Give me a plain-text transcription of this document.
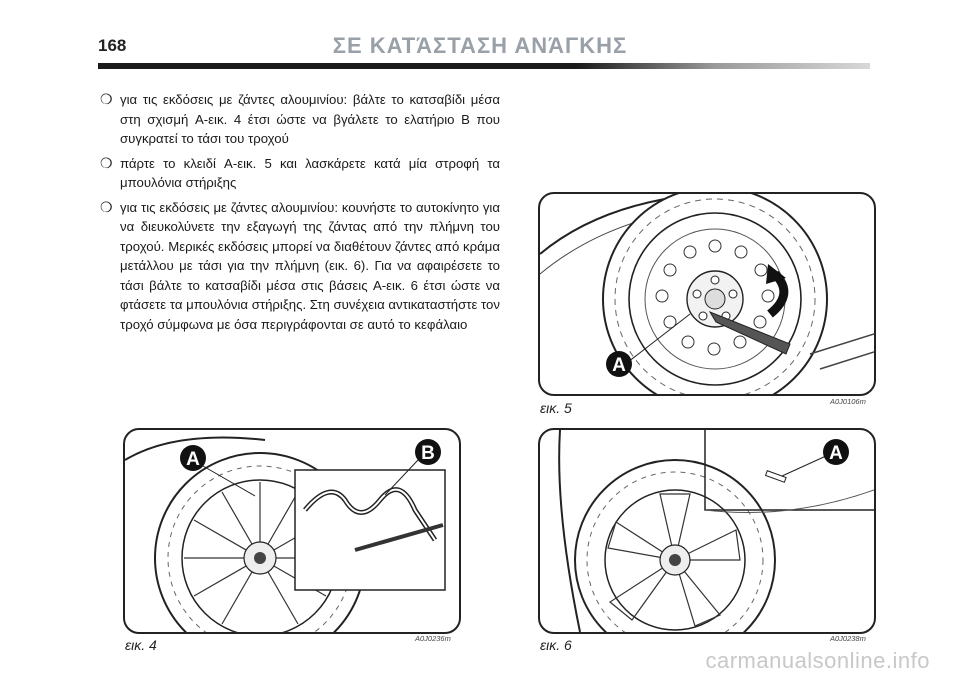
168	ΣΕ ΚΑΤΆΣΤΑΣΗ ΑΝΆΓΚΗΣ
❍ για τις εκδόσεις με ζάντες αλουμινίου: βάλτε το κατσαβίδι μέσα στη σχισμή A-εικ. 4 έτσι ώστε να βγάλετε το ελατήριο B που συγκρατεί το τάσι του τροχού
❍ πάρτε το κλειδί A-εικ. 5 και λασκάρετε κατά μία στροφή τα μπουλόνια στήριξης
❍ για τις εκδόσεις με ζάντες αλουμινίου: κουνήστε το αυτοκίνητο για να διευκολύνετε την εξαγωγή της ζάντας από την πλήμνη του τροχού. Μερικές εκδόσεις μπορεί να διαθέτουν ζάντες από κράμα μετάλλου με τάσι για την πλήμνη (εικ. 6). Για να αφαιρέσετε το τάσι βάλτε το κατσαβίδι μέσα στις βάσεις A-εικ. 6 έτσι ώστε να φτάσετε τα μπουλόνια στήριξης. Στη συνέχεια αντικαταστήστε τον τροχό σύμφωνα με όσα περιγράφονται σε αυτό το κεφάλαιο
A
εικ. 5	A0J0106m
A	B
εικ. 4	A0J0236m
A
εικ. 6	A0J0238m
carmanualsonline.info
